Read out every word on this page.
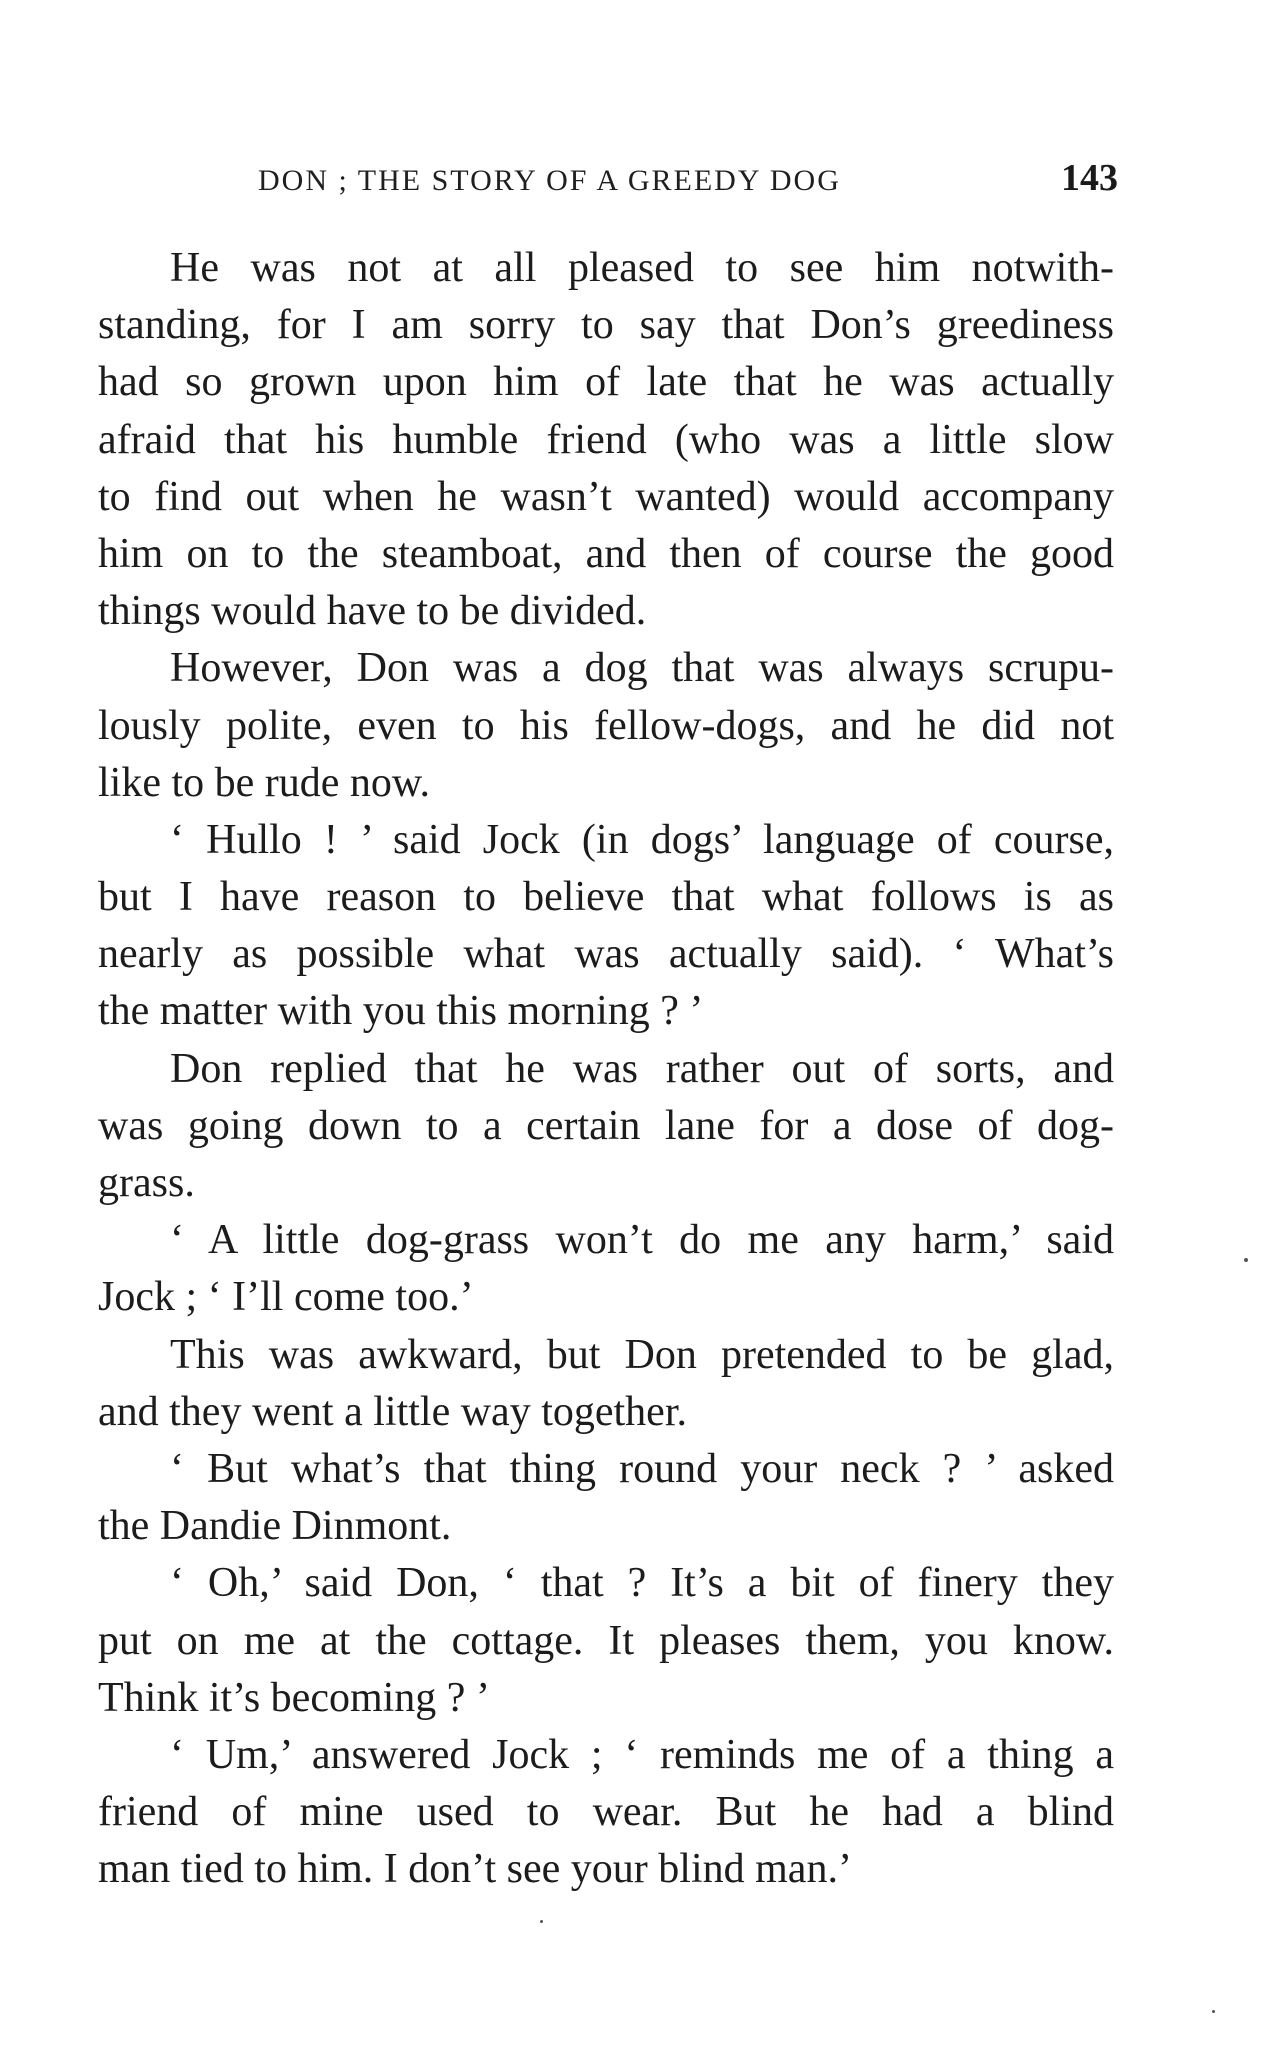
DON ; THE STORY OF A GREEDY DOG	143
He was not at all pleased to see him notwith-
standing, for I am sorry to say that Don’s greediness
had so grown upon him of late that he was actually
afraid that his humble friend (who was a little slow
to find out when he wasn’t wanted) would accompany
him on to the steamboat, and then of course the good
things would have to be divided.
However, Don was a dog that was always scrupu-
lously polite, even to his fellow-dogs, and he did not
like to be rude now.
‘ Hullo ! ’ said Jock (in dogs’ language of course,
but I have reason to believe that what follows is as
nearly as possible what was actually said). ‘ What’s
the matter with you this morning ? ’
Don replied that he was rather out of sorts, and
was going down to a certain lane for a dose of dog-
grass.
‘ A little dog-grass won’t do me any harm,’ said
Jock ; ‘ I’ll come too.’
This was awkward, but Don pretended to be glad,
and they went a little way together.
‘ But what’s that thing round your neck ? ’ asked
the Dandie Dinmont.
‘ Oh,’ said Don, ‘ that ? It’s a bit of finery they
put on me at the cottage. It pleases them, you know.
Think it’s becoming ? ’
‘ Um,’ answered Jock ; ‘ reminds me of a thing a
friend of mine used to wear. But he had a blind
man tied to him. I don’t see your blind man.’
